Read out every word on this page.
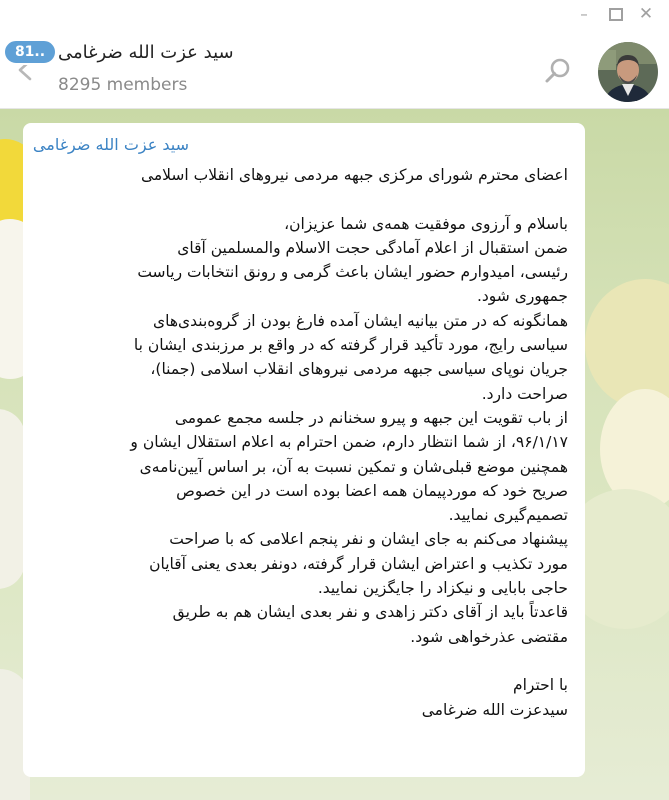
–	✕
81.. سید عزت الله ضرغامی
8295 members
سید عزت الله ضرغامی
اعضای محترم شورای مرکزی جبهه مردمی نیروهای انقلاب اسلامی
باسلام و آرزوی موفقیت همه‌ی شما عزیزان،
ضمن استقبال از اعلام آمادگی حجت الاسلام والمسلمین آقای
رئیسی، امیدوارم حضور ایشان باعث گرمی و رونق انتخابات ریاست
جمهوری شود.
همانگونه که در متن بیانیه ایشان آمده فارغ بودن از گروه‌بندی‌های
سیاسی رایج، مورد تأکید قرار گرفته که در واقع بر مرزبندی ایشان با
جریان نوپای سیاسی جبهه مردمی نیروهای انقلاب اسلامی (جمنا)،
صراحت دارد.
از باب تقویت این جبهه و پیرو سخنانم در جلسه مجمع عمومی
۹۶/۱/۱۷، از شما انتظار دارم، ضمن احترام به اعلام استقلال ایشان و
همچنین موضع قبلی‌شان و تمکین نسبت به آن، بر اساس آیین‌نامه‌ی
صریح خود که موردپیمان همه اعضا بوده است در این خصوص
تصمیم‌گیری نمایید.
پیشنهاد می‌کنم به جای ایشان و نفر پنجم اعلامی که با صراحت
مورد تکذیب و اعتراض ایشان قرار گرفته، دونفر بعدی یعنی آقایان
حاجی بابایی و نیکزاد را جایگزین نمایید.
قاعدتاً باید از آقای دکتر زاهدی و نفر بعدی ایشان هم به طریق
مقتضی عذرخواهی شود.
با احترام
سیدعزت الله ضرغامی
